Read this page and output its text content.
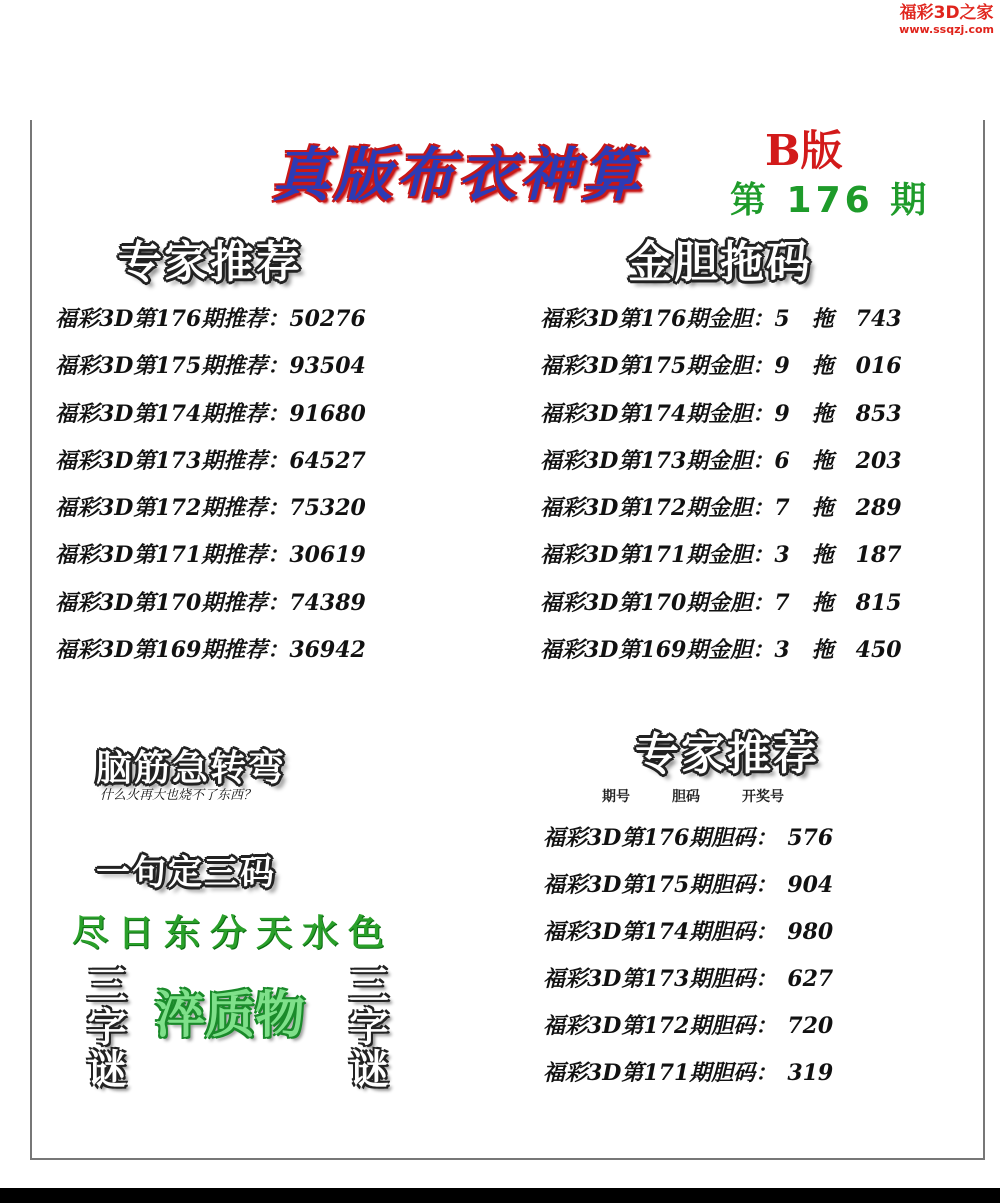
福彩3D之家
www.ssqzj.com
真版布衣神算	B版
第 176 期
专家推荐
福彩3D第176期推荐：50276
福彩3D第175期推荐：93504
福彩3D第174期推荐：91680
福彩3D第173期推荐：64527
福彩3D第172期推荐：75320
福彩3D第171期推荐：30619
福彩3D第170期推荐：74389
福彩3D第169期推荐：36942
金胆拖码
福彩3D第176期金胆：5 拖 743
福彩3D第175期金胆：9 拖 016
福彩3D第174期金胆：9 拖 853
福彩3D第173期金胆：6 拖 203
福彩3D第172期金胆：7 拖 289
福彩3D第171期金胆：3 拖 187
福彩3D第170期金胆：7 拖 815
福彩3D第169期金胆：3 拖 450
脑筋急转弯
什么火再大也烧不了东西？
专家推荐
期号	胆码	开奖号
福彩3D第176期胆码： 576
福彩3D第175期胆码： 904
福彩3D第174期胆码： 980
福彩3D第173期胆码： 627
福彩3D第172期胆码： 720
福彩3D第171期胆码： 319
一句定三码
尽日东分天水色
淬质物
三
字
谜
三
字
谜
